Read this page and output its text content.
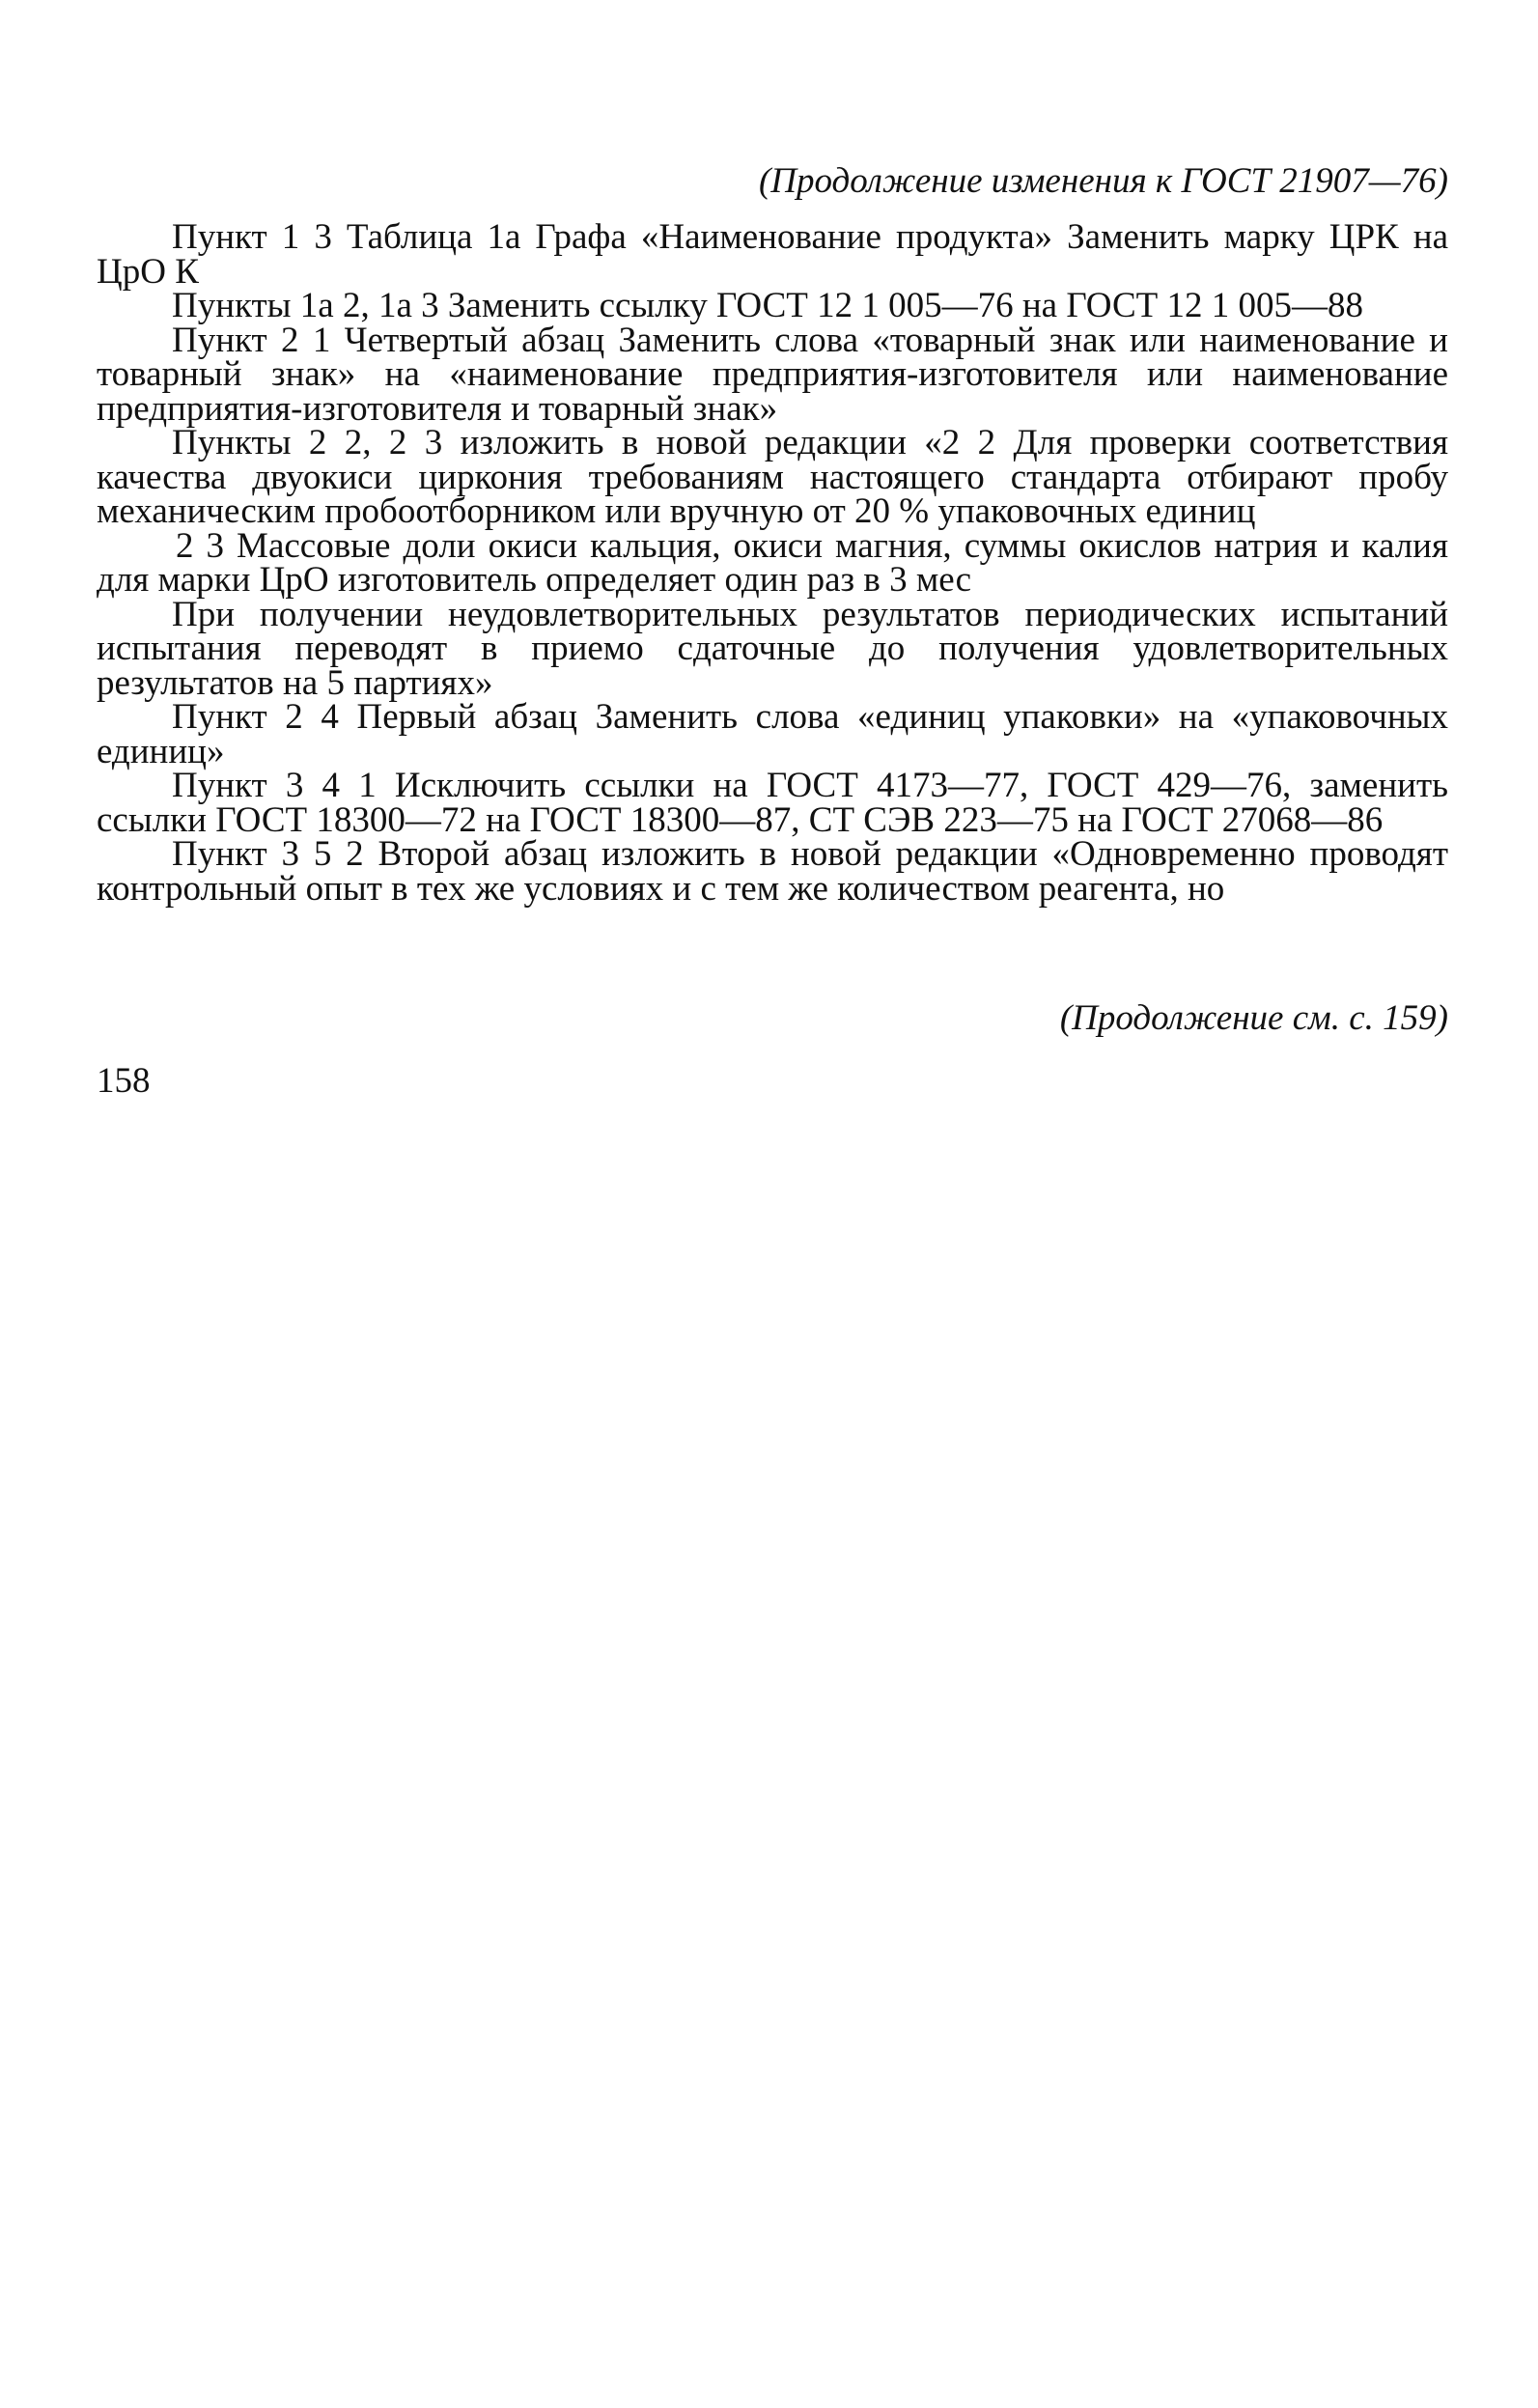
(Продолжение изменения к ГОСТ 21907—76)

Пункт 1 3 Таблица 1а Графа «Наименование продукта» Заменить марку ЦРК на ЦрО К

Пункты 1а 2, 1а 3 Заменить ссылку ГОСТ 12 1 005—76 на ГОСТ 12 1 005—88

Пункт 2 1 Четвертый абзац Заменить слова «товарный знак или наименование и товарный знак» на «наименование предприятия-изготовителя или наименование предприятия-изготовителя и товарный знак»

Пункты 2 2, 2 3 изложить в новой редакции «2 2 Для проверки соответствия качества двуокиси циркония требованиям настоящего стандарта отбирают пробу механическим пробоотборником или вручную от 20 % упаковочных единиц

2 3 Массовые доли окиси кальция, окиси магния, суммы окислов натрия и калия для марки ЦрО изготовитель определяет один раз в 3 мес

При получении неудовлетворительных результатов периодических испытаний испытания переводят в приемо сдаточные до получения удовлетворительных результатов на 5 партиях»

Пункт 2 4 Первый абзац Заменить слова «единиц упаковки» на «упаковочных единиц»

Пункт 3 4 1 Исключить ссылки на ГОСТ 4173—77, ГОСТ 429—76, заменить ссылки ГОСТ 18300—72 на ГОСТ 18300—87, СТ СЭВ 223—75 на ГОСТ 27068—86

Пункт 3 5 2 Второй абзац изложить в новой редакции «Одновременно проводят контрольный опыт в тех же условиях и с тем же количеством реагента, но

(Продолжение см. с. 159)
158
